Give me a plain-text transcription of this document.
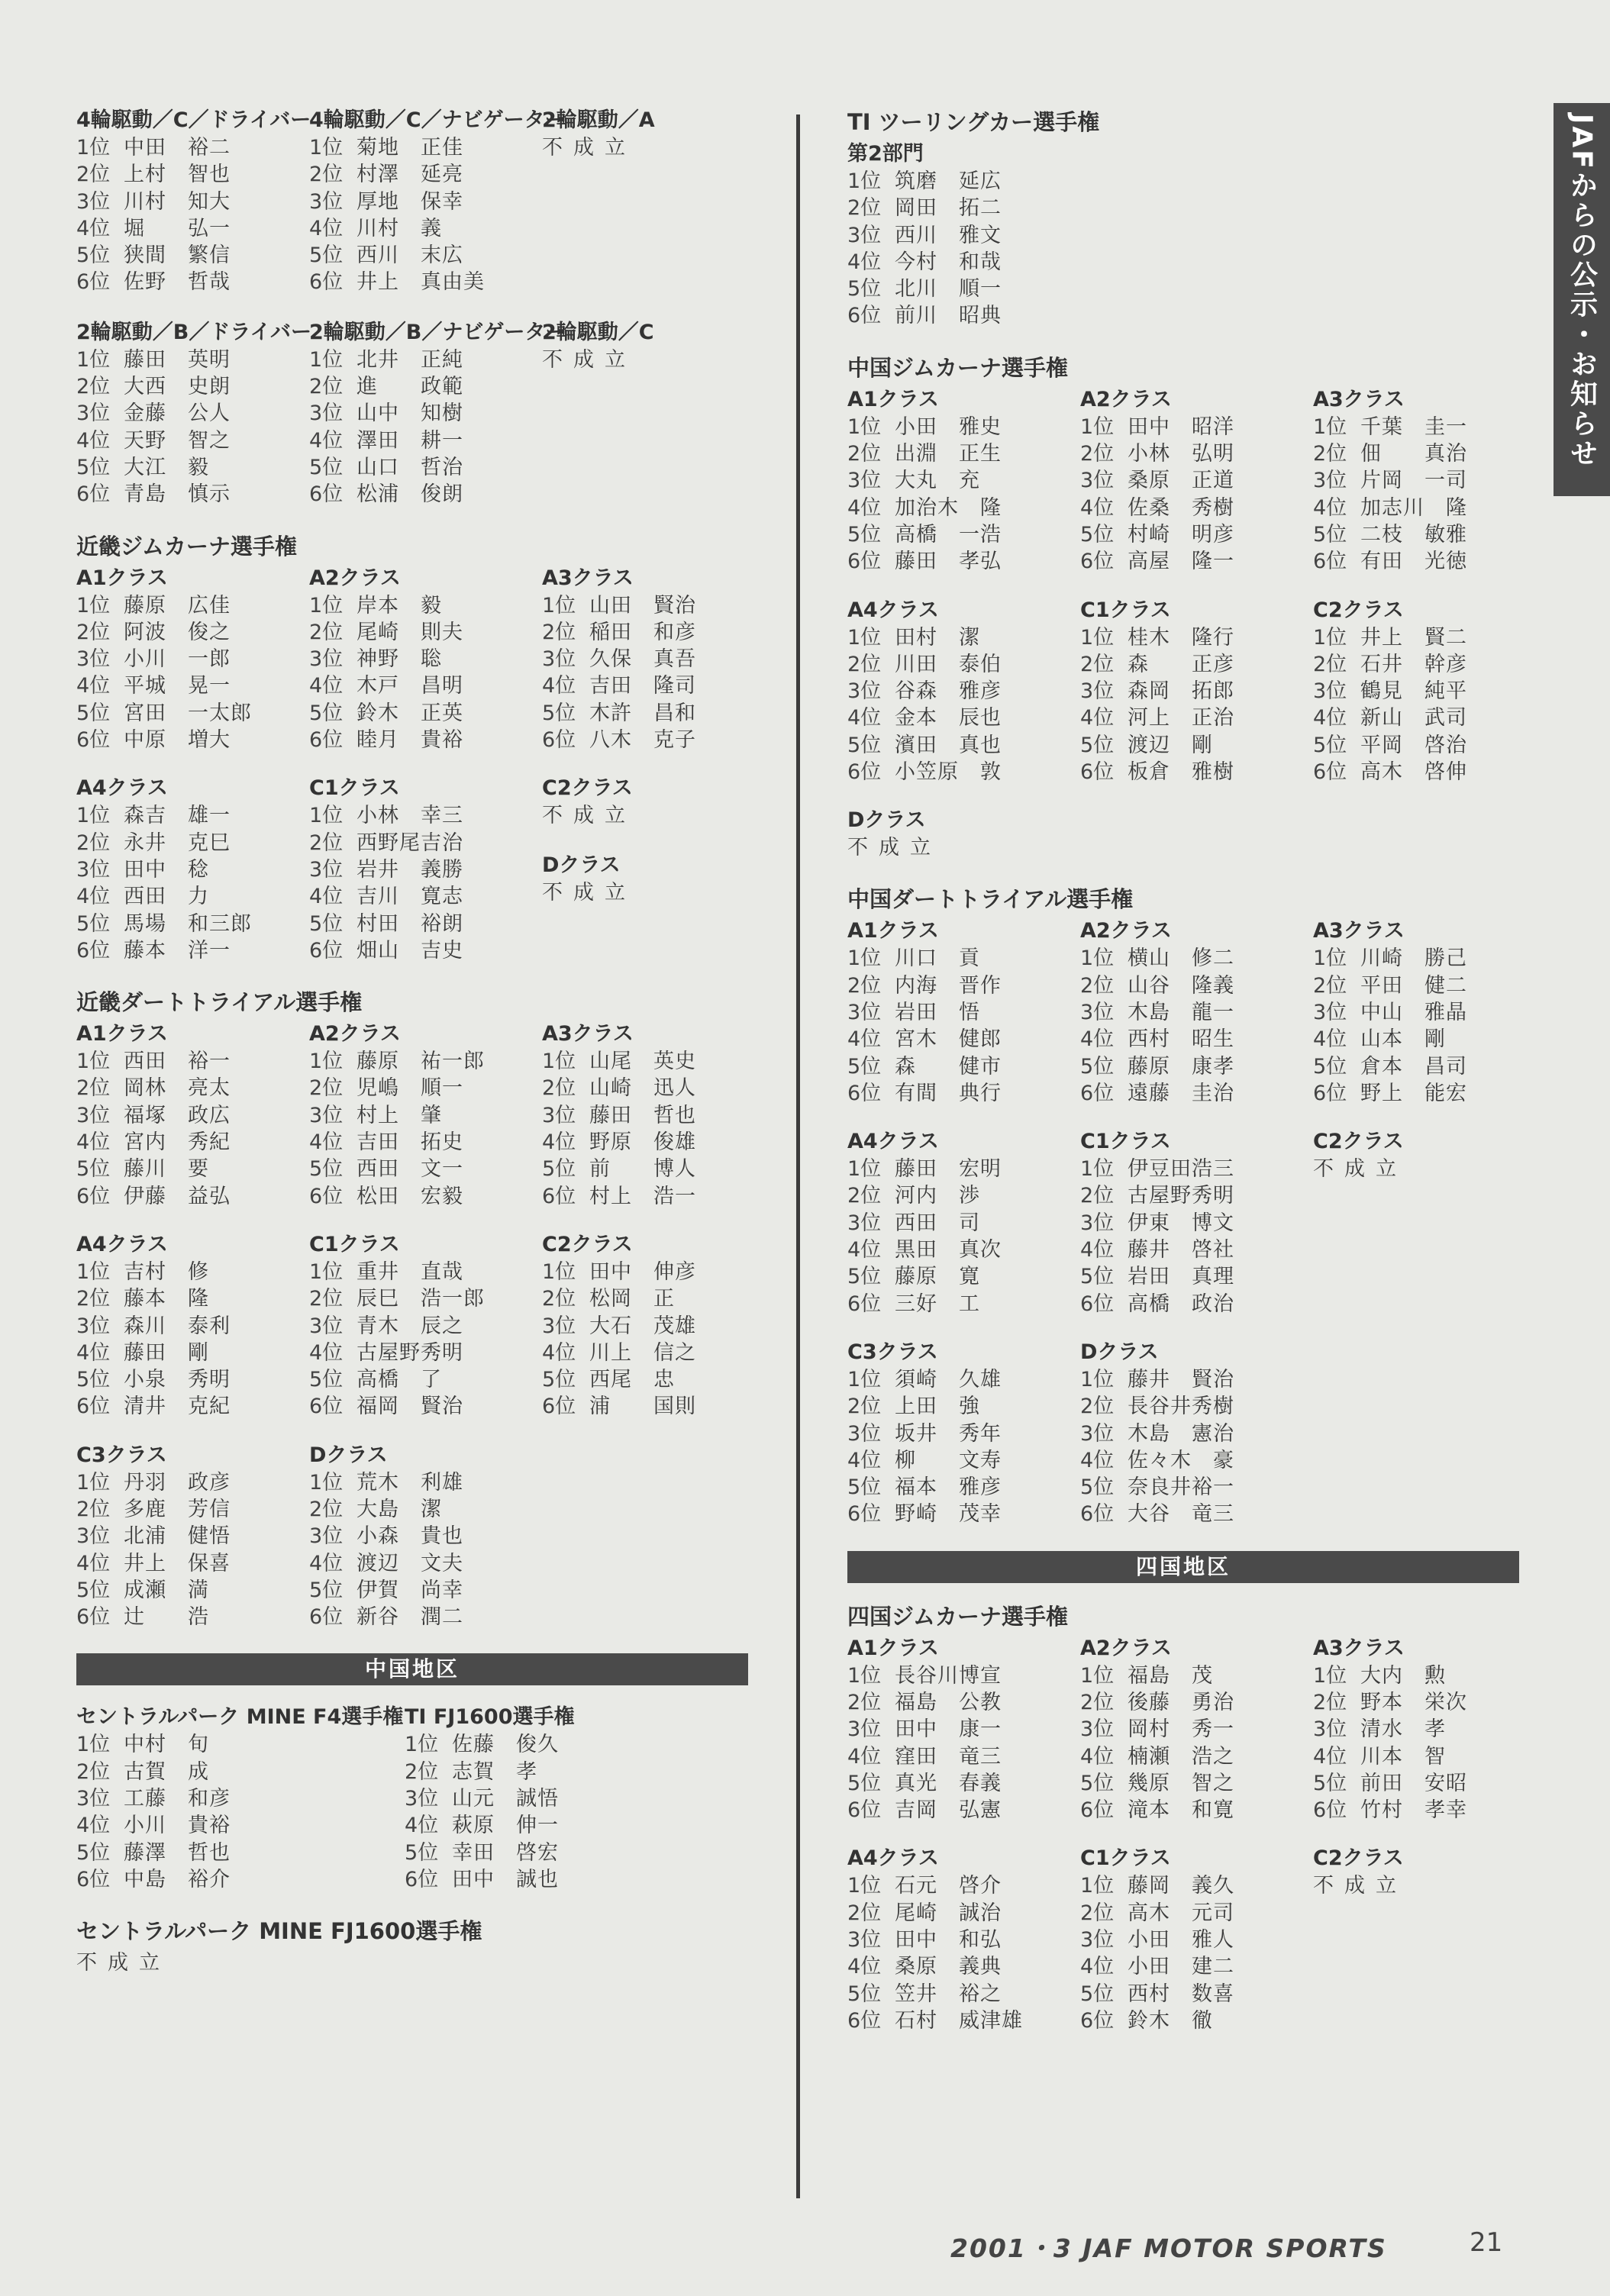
JAFからの公示・お知らせ
4輪駆動／C／ドライバー
1位 中田　裕二
2位 上村　智也
3位 川村　知大
4位 堀　　弘一
5位 狭間　繁信
6位 佐野　哲哉
4輪駆動／C／ナビゲーター
1位 菊地　正佳
2位 村澤　延亮
3位 厚地　保幸
4位 川村　義
5位 西川　末広
6位 井上　真由美
2輪駆動／A
不成立
2輪駆動／B／ドライバー
1位 藤田　英明
2位 大西　史朗
3位 金藤　公人
4位 天野　智之
5位 大江　毅
6位 青島　慎示
2輪駆動／B／ナビゲーター
1位 北井　正純
2位 進　　政範
3位 山中　知樹
4位 澤田　耕一
5位 山口　哲治
6位 松浦　俊朗
2輪駆動／C
不成立
近畿ジムカーナ選手権
A1クラス
1位 藤原　広佳
2位 阿波　俊之
3位 小川　一郎
4位 平城　晃一
5位 宮田　一太郎
6位 中原　増大
A2クラス
1位 岸本　毅
2位 尾崎　則夫
3位 神野　聡
4位 木戸　昌明
5位 鈴木　正英
6位 睦月　貴裕
A3クラス
1位 山田　賢治
2位 稲田　和彦
3位 久保　真吾
4位 吉田　隆司
5位 木許　昌和
6位 八木　克子
A4クラス
1位 森吉　雄一
2位 永井　克巳
3位 田中　稔
4位 西田　力
5位 馬場　和三郎
6位 藤本　洋一
C1クラス
1位 小林　幸三
2位 西野尾吉治
3位 岩井　義勝
4位 吉川　寛志
5位 村田　裕朗
6位 畑山　吉史
C2クラス
不成立
Dクラス
不成立
近畿ダートトライアル選手権
A1クラス
1位 西田　裕一
2位 岡林　亮太
3位 福塚　政広
4位 宮内　秀紀
5位 藤川　要
6位 伊藤　益弘
A2クラス
1位 藤原　祐一郎
2位 児嶋　順一
3位 村上　肇
4位 吉田　拓史
5位 西田　文一
6位 松田　宏毅
A3クラス
1位 山尾　英史
2位 山崎　迅人
3位 藤田　哲也
4位 野原　俊雄
5位 前　　博人
6位 村上　浩一
A4クラス
1位 吉村　修
2位 藤本　隆
3位 森川　泰利
4位 藤田　剛
5位 小泉　秀明
6位 清井　克紀
C1クラス
1位 重井　直哉
2位 辰巳　浩一郎
3位 青木　辰之
4位 古屋野秀明
5位 高橋　了
6位 福岡　賢治
C2クラス
1位 田中　伸彦
2位 松岡　正
3位 大石　茂雄
4位 川上　信之
5位 西尾　忠
6位 浦　　国則
C3クラス
1位 丹羽　政彦
2位 多鹿　芳信
3位 北浦　健悟
4位 井上　保喜
5位 成瀬　満
6位 辻　　浩
Dクラス
1位 荒木　利雄
2位 大島　潔
3位 小森　貴也
4位 渡辺　文夫
5位 伊賀　尚幸
6位 新谷　潤二
中国地区
セントラルパーク MINE F4選手権
1位 中村　旬
2位 古賀　成
3位 工藤　和彦
4位 小川　貴裕
5位 藤澤　哲也
6位 中島　裕介
TI FJ1600選手権
1位 佐藤　俊久
2位 志賀　孝
3位 山元　誠悟
4位 萩原　伸一
5位 幸田　啓宏
6位 田中　誠也
セントラルパーク MINE FJ1600選手権
不成立
TI ツーリングカー選手権
第2部門
1位 筑磨　延広
2位 岡田　拓二
3位 西川　雅文
4位 今村　和哉
5位 北川　順一
6位 前川　昭典
中国ジムカーナ選手権
A1クラス
1位 小田　雅史
2位 出淵　正生
3位 大丸　充
4位 加治木　隆
5位 高橋　一浩
6位 藤田　孝弘
A2クラス
1位 田中　昭洋
2位 小林　弘明
3位 桑原　正道
4位 佐桑　秀樹
5位 村崎　明彦
6位 高屋　隆一
A3クラス
1位 千葉　圭一
2位 佃　　真治
3位 片岡　一司
4位 加志川　隆
5位 二枝　敏雅
6位 有田　光徳
A4クラス
1位 田村　潔
2位 川田　泰伯
3位 谷森　雅彦
4位 金本　辰也
5位 濱田　真也
6位 小笠原　敦
C1クラス
1位 桂木　隆行
2位 森　　正彦
3位 森岡　拓郎
4位 河上　正治
5位 渡辺　剛
6位 板倉　雅樹
C2クラス
1位 井上　賢二
2位 石井　幹彦
3位 鶴見　純平
4位 新山　武司
5位 平岡　啓治
6位 高木　啓伸
Dクラス
不成立
中国ダートトライアル選手権
A1クラス
1位 川口　貢
2位 内海　晋作
3位 岩田　悟
4位 宮木　健郎
5位 森　　健市
6位 有間　典行
A2クラス
1位 横山　修二
2位 山谷　隆義
3位 木島　龍一
4位 西村　昭生
5位 藤原　康孝
6位 遠藤　圭治
A3クラス
1位 川崎　勝己
2位 平田　健二
3位 中山　雅晶
4位 山本　剛
5位 倉本　昌司
6位 野上　能宏
A4クラス
1位 藤田　宏明
2位 河内　渉
3位 西田　司
4位 黒田　真次
5位 藤原　寛
6位 三好　工
C1クラス
1位 伊豆田浩三
2位 古屋野秀明
3位 伊東　博文
4位 藤井　啓社
5位 岩田　真理
6位 高橋　政治
C2クラス
不成立
C3クラス
1位 須崎　久雄
2位 上田　強
3位 坂井　秀年
4位 柳　　文寿
5位 福本　雅彦
6位 野崎　茂幸
Dクラス
1位 藤井　賢治
2位 長谷井秀樹
3位 木島　憲治
4位 佐々木　豪
5位 奈良井裕一
6位 大谷　竜三
四国地区
四国ジムカーナ選手権
A1クラス
1位 長谷川博宣
2位 福島　公教
3位 田中　康一
4位 窪田　竜三
5位 真光　春義
6位 吉岡　弘憲
A2クラス
1位 福島　茂
2位 後藤　勇治
3位 岡村　秀一
4位 楠瀬　浩之
5位 幾原　智之
6位 滝本　和寛
A3クラス
1位 大内　勲
2位 野本　栄次
3位 清水　孝
4位 川本　智
5位 前田　安昭
6位 竹村　孝幸
A4クラス
1位 石元　啓介
2位 尾崎　誠治
3位 田中　和弘
4位 桑原　義典
5位 笠井　裕之
6位 石村　威津雄
C1クラス
1位 藤岡　義久
2位 高木　元司
3位 小田　雅人
4位 小田　建二
5位 西村　数喜
6位 鈴木　徹
C2クラス
不成立
2001・3 JAF MOTOR SPORTS	21
